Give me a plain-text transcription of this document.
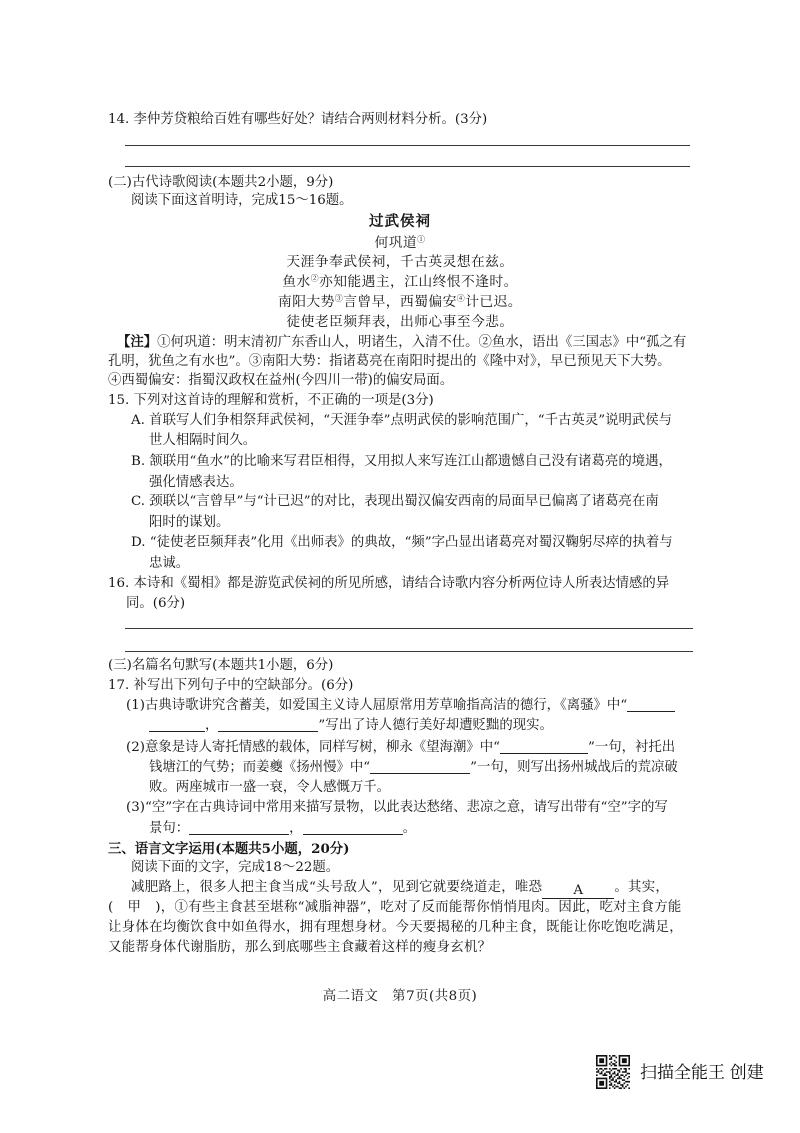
14. 李仲芳贷粮给百姓有哪些好处？请结合两则材料分析。(3分)
(二)古代诗歌阅读(本题共2小题，9分)
阅读下面这首明诗，完成15～16题。
过武侯祠
何巩道①
天涯争奉武侯祠，千古英灵想在兹。
鱼水②亦知能遇主，江山终恨不逢时。
南阳大势③言曾早，西蜀偏安④计已迟。
徒使老臣频拜表，出师心事至今悲。
【注】①何巩道：明末清初广东香山人，明诸生，入清不仕。②鱼水，语出《三国志》中“孤之有
孔明，犹鱼之有水也”。③南阳大势：指诸葛亮在南阳时提出的《隆中对》，早已预见天下大势。
④西蜀偏安：指蜀汉政权在益州(今四川一带)的偏安局面。
15. 下列对这首诗的理解和赏析，不正确的一项是(3分)
A. 首联写人们争相祭拜武侯祠，“天涯争奉”点明武侯的影响范围广，“千古英灵”说明武侯与
世人相隔时间久。
B. 颔联用“鱼水”的比喻来写君臣相得，又用拟人来写连江山都遗憾自己没有诸葛亮的境遇，
强化情感表达。
C. 颈联以“言曾早”与“计已迟”的对比，表现出蜀汉偏安西南的局面早已偏离了诸葛亮在南
阳时的谋划。
D. “徒使老臣频拜表”化用《出师表》的典故，“频”字凸显出诸葛亮对蜀汉鞠躬尽瘁的执着与
忠诚。
16. 本诗和《蜀相》都是游览武侯祠的所见所感，请结合诗歌内容分析两位诗人所表达情感的异
同。(6分)
(三)名篇名句默写(本题共1小题，6分)
17. 补写出下列句子中的空缺部分。(6分)
(1)古典诗歌讲究含蓄美，如爱国主义诗人屈原常用芳草喻指高洁的德行，《离骚》中“
，	”写出了诗人德行美好却遭贬黜的现实。
(2)意象是诗人寄托情感的载体，同样写树，柳永《望海潮》中“	”一句，衬托出
钱塘江的气势；而姜夔《扬州慢》中“	”一句，则写出扬州城战后的荒凉破
败。两座城市一盛一衰，令人感慨万千。
(3)“空”字在古典诗词中常用来描写景物，以此表达愁绪、悲凉之意，请写出带有“空”字的写
景句：	，	。
三、语言文字运用(本题共5小题，20分)
阅读下面的文字，完成18～22题。
减肥路上，很多人把主食当成“头号敌人”，见到它就要绕道走，唯恐 A 。其实，
( 甲 )，①有些主食甚至堪称“减脂神器”，吃对了反而能帮你悄悄甩肉。因此，吃对主食方能
让身体在均衡饮食中如鱼得水，拥有理想身材。今天要揭秘的几种主食，既能让你吃饱吃满足，
又能帮身体代谢脂肪，那么到底哪些主食藏着这样的瘦身玄机？
高二语文　第7页(共8页)
扫描全能王 创建
